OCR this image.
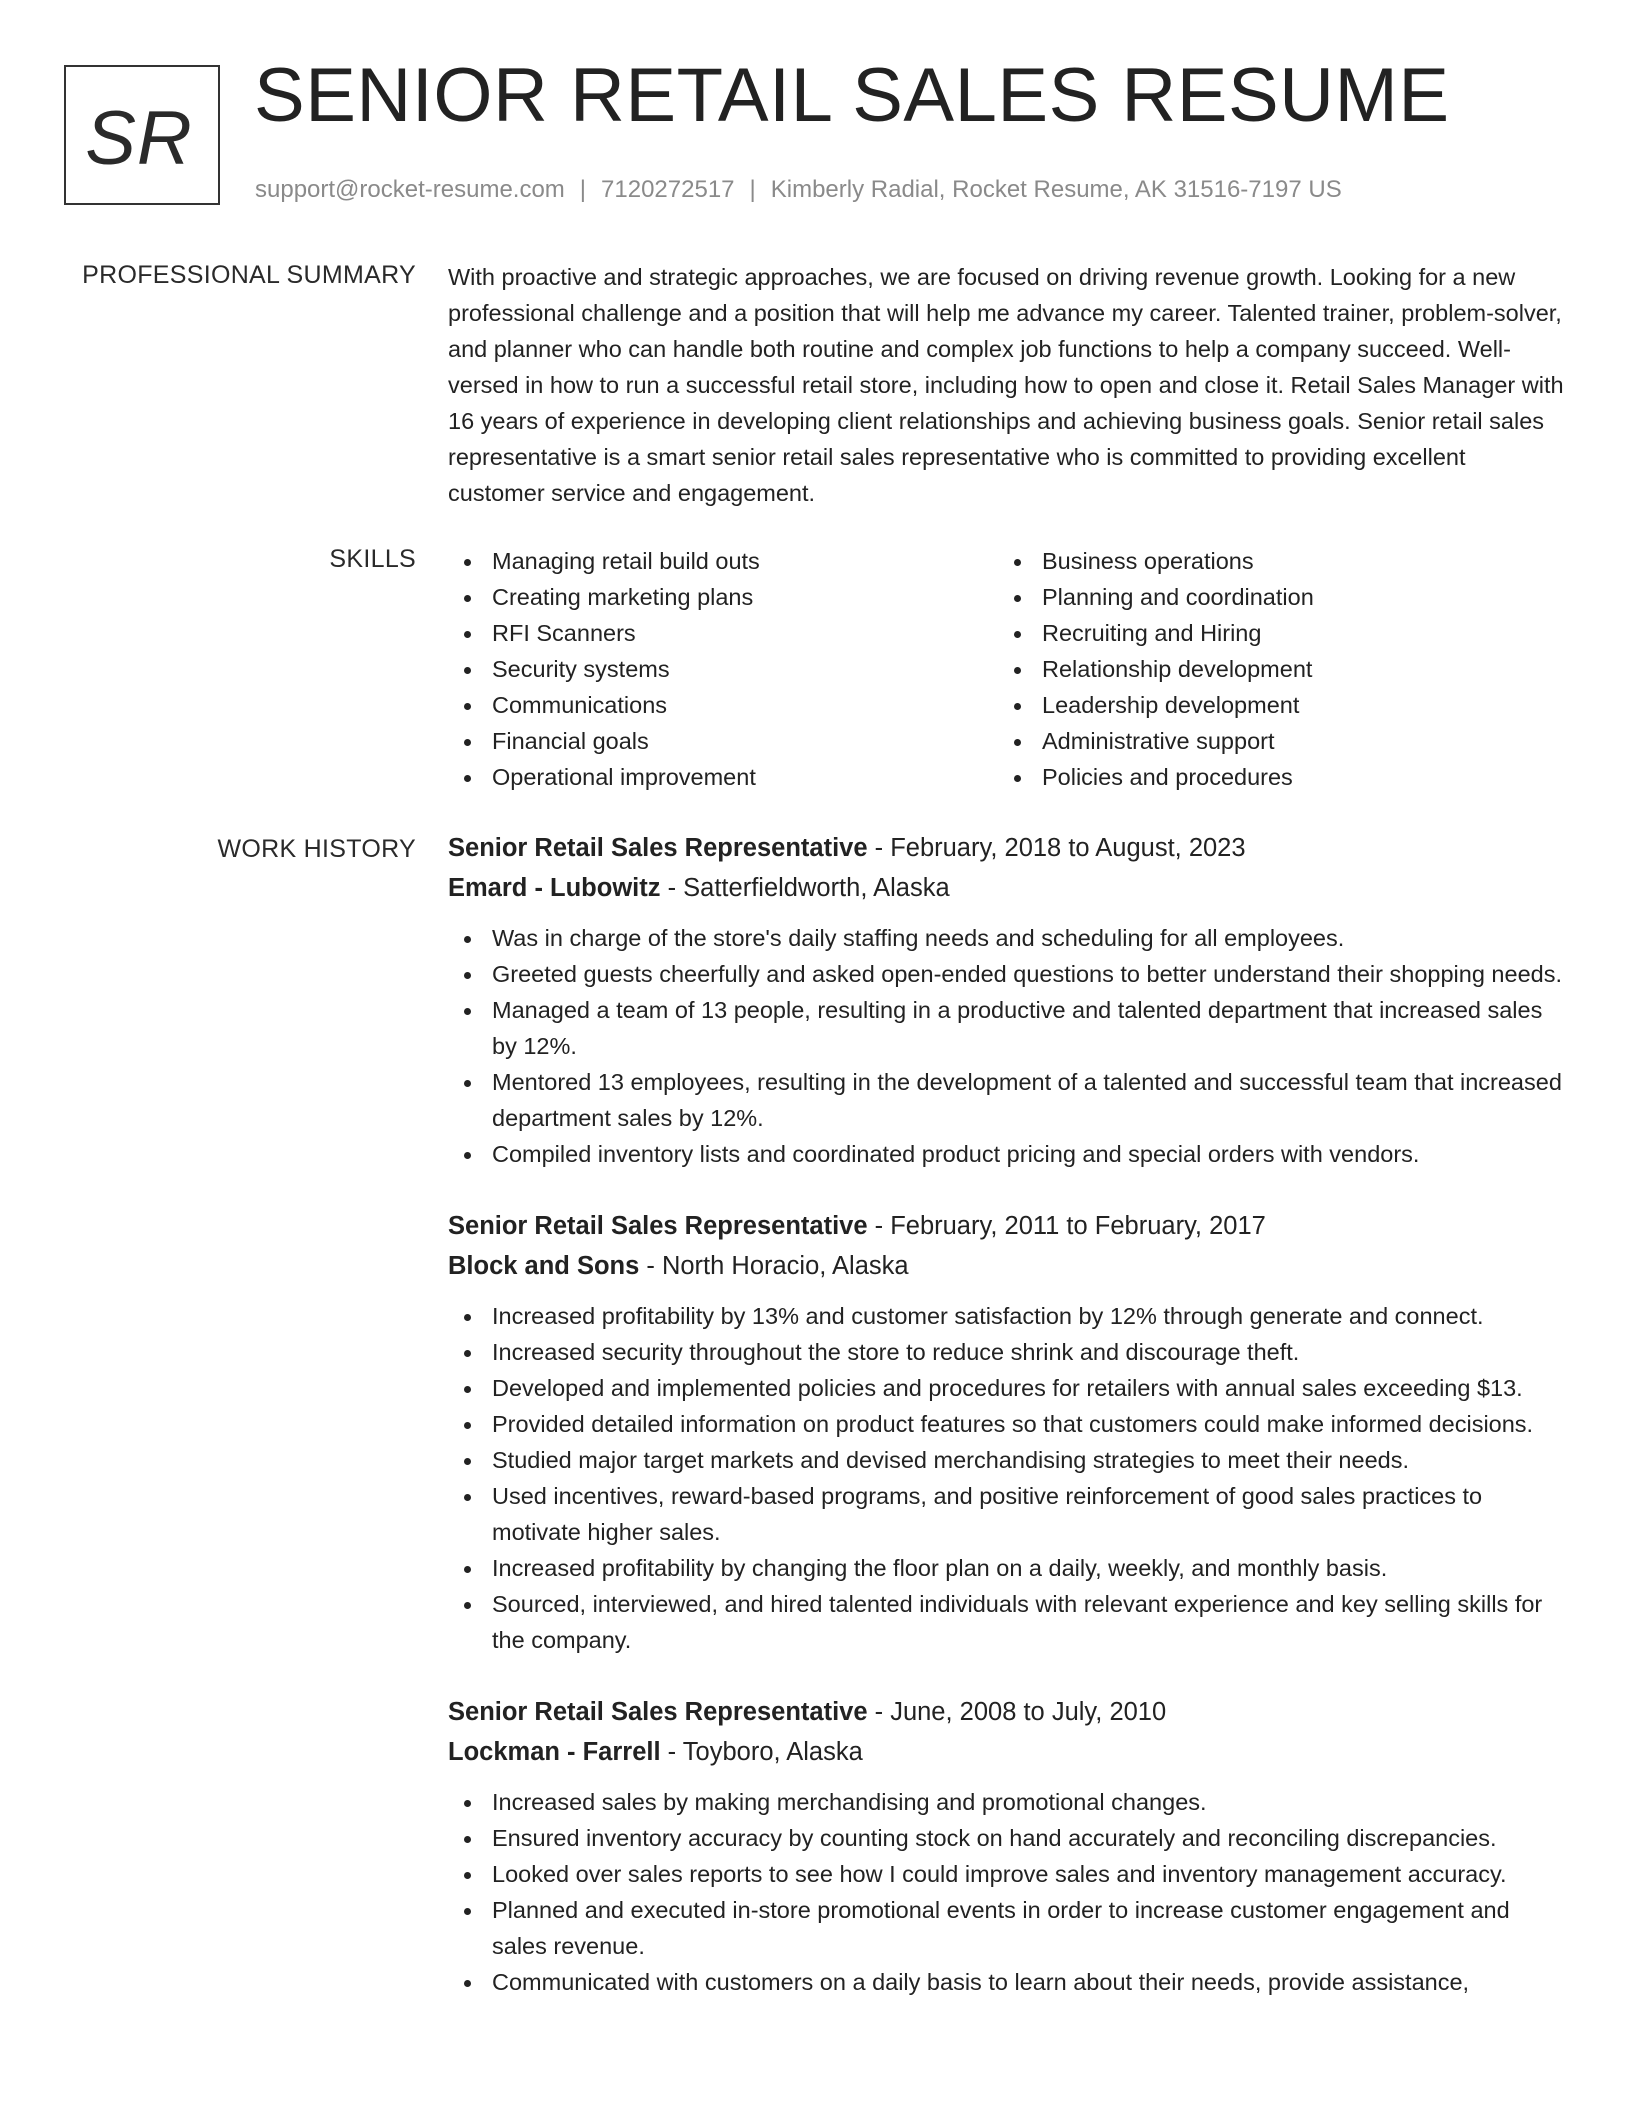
SR SENIOR RETAIL SALES RESUME
support@rocket-resume.com | 7120272517 | Kimberly Radial, Rocket Resume, AK 31516-7197 US
PROFESSIONAL SUMMARY With proactive and strategic approaches, we are focused on driving revenue growth. Looking for a new professional challenge and a position that will help me advance my career. Talented trainer, problem-solver, and planner who can handle both routine and complex job functions to help a company succeed. Well-versed in how to run a successful retail store, including how to open and close it. Retail Sales Manager with 16 years of experience in developing client relationships and achieving business goals. Senior retail sales representative is a smart senior retail sales representative who is committed to providing excellent customer service and engagement.

SKILLS	Managing retail build outs
Creating marketing plans
RFI Scanners
Security systems
Communications
Financial goals
Operational improvement
Business operations
Planning and coordination
Recruiting and Hiring
Relationship development
Leadership development
Administrative support
Policies and procedures
WORK HISTORY Senior Retail Sales Representative - February, 2018 to August, 2023
Emard - Lubowitz - Satterfieldworth, Alaska
Was in charge of the store's daily staffing needs and scheduling for all employees.
Greeted guests cheerfully and asked open-ended questions to better understand their shopping needs.
Managed a team of 13 people, resulting in a productive and talented department that increased sales by 12%.
Mentored 13 employees, resulting in the development of a talented and successful team that increased department sales by 12%.
Compiled inventory lists and coordinated product pricing and special orders with vendors.
Senior Retail Sales Representative - February, 2011 to February, 2017
Block and Sons - North Horacio, Alaska
Increased profitability by 13% and customer satisfaction by 12% through generate and connect.
Increased security throughout the store to reduce shrink and discourage theft.
Developed and implemented policies and procedures for retailers with annual sales exceeding $13.
Provided detailed information on product features so that customers could make informed decisions.
Studied major target markets and devised merchandising strategies to meet their needs.
Used incentives, reward-based programs, and positive reinforcement of good sales practices to motivate higher sales.
Increased profitability by changing the floor plan on a daily, weekly, and monthly basis.
Sourced, interviewed, and hired talented individuals with relevant experience and key selling skills for the company.
Senior Retail Sales Representative - June, 2008 to July, 2010
Lockman - Farrell - Toyboro, Alaska
Increased sales by making merchandising and promotional changes.
Ensured inventory accuracy by counting stock on hand accurately and reconciling discrepancies.
Looked over sales reports to see how I could improve sales and inventory management accuracy.
Planned and executed in-store promotional events in order to increase customer engagement and sales revenue.
Communicated with customers on a daily basis to learn about their needs, provide assistance,
